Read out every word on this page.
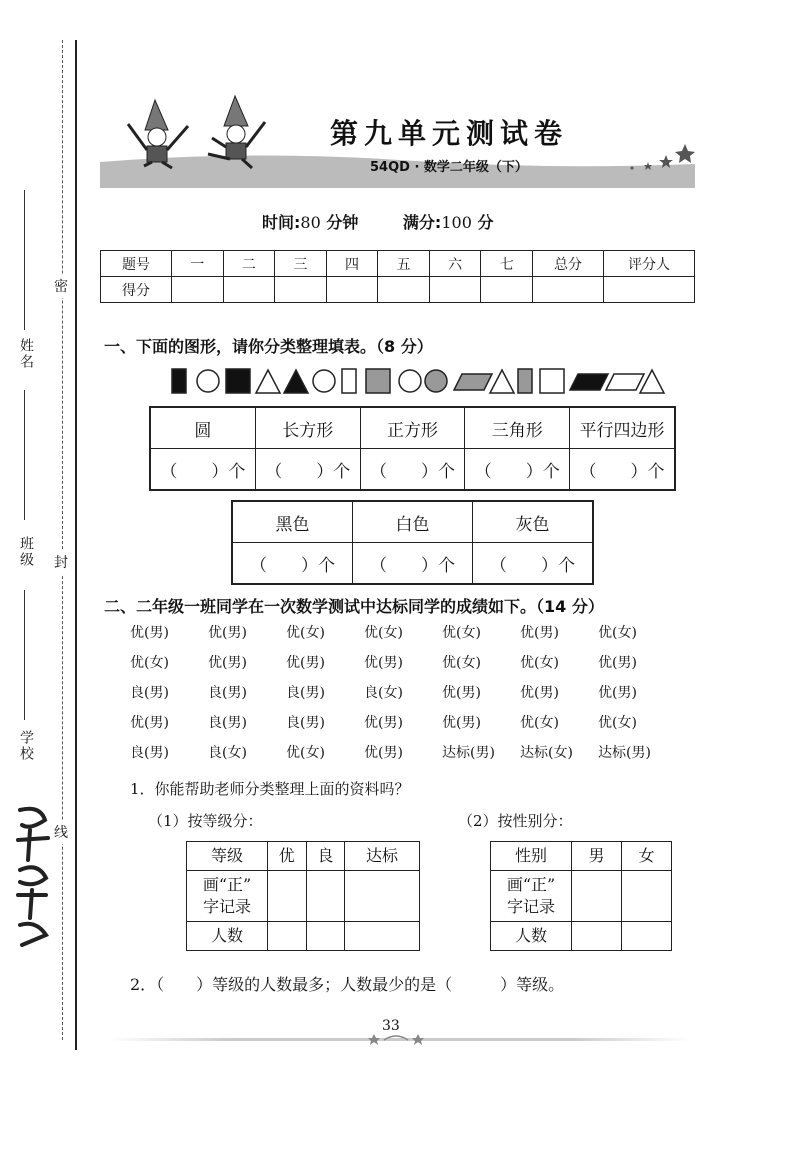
姓名
班级
学校
密
封
线
第九单元测试卷
54QD · 数学二年级（下）
时间:80 分钟	满分:100 分
题号	一	二	三	四	五	六	七	总分	评分人
得分									
一、下面的图形，请你分类整理填表。（8 分）
圆	长方形	正方形	三角形	平行四边形
（　　）个	（　　）个	（　　）个	（　　）个	（　　）个
黑色	白色	灰色
（　　）个	（　　）个	（　　）个
二、二年级一班同学在一次数学测试中达标同学的成绩如下。（14 分）
优(男)	优(男)	优(女)	优(女)	优(女)	优(男)	优(女)
优(女)	优(男)	优(男)	优(男)	优(女)	优(女)	优(男)
良(男)	良(男)	良(男)	良(女)	优(男)	优(男)	优(男)
优(男)	良(男)	良(男)	优(男)	优(男)	优(女)	优(女)
良(男)	良(女)	优(女)	优(男)	达标(男)	达标(女)	达标(男)
1．你能帮助老师分类整理上面的资料吗？
（1）按等级分：	（2）按性别分：
等级	优	良	达标
画“正”
字记录			
人数			
性别	男	女
画“正”
字记录		
人数		
2．（　　）等级的人数最多；人数最少的是（　　　）等级。
33
